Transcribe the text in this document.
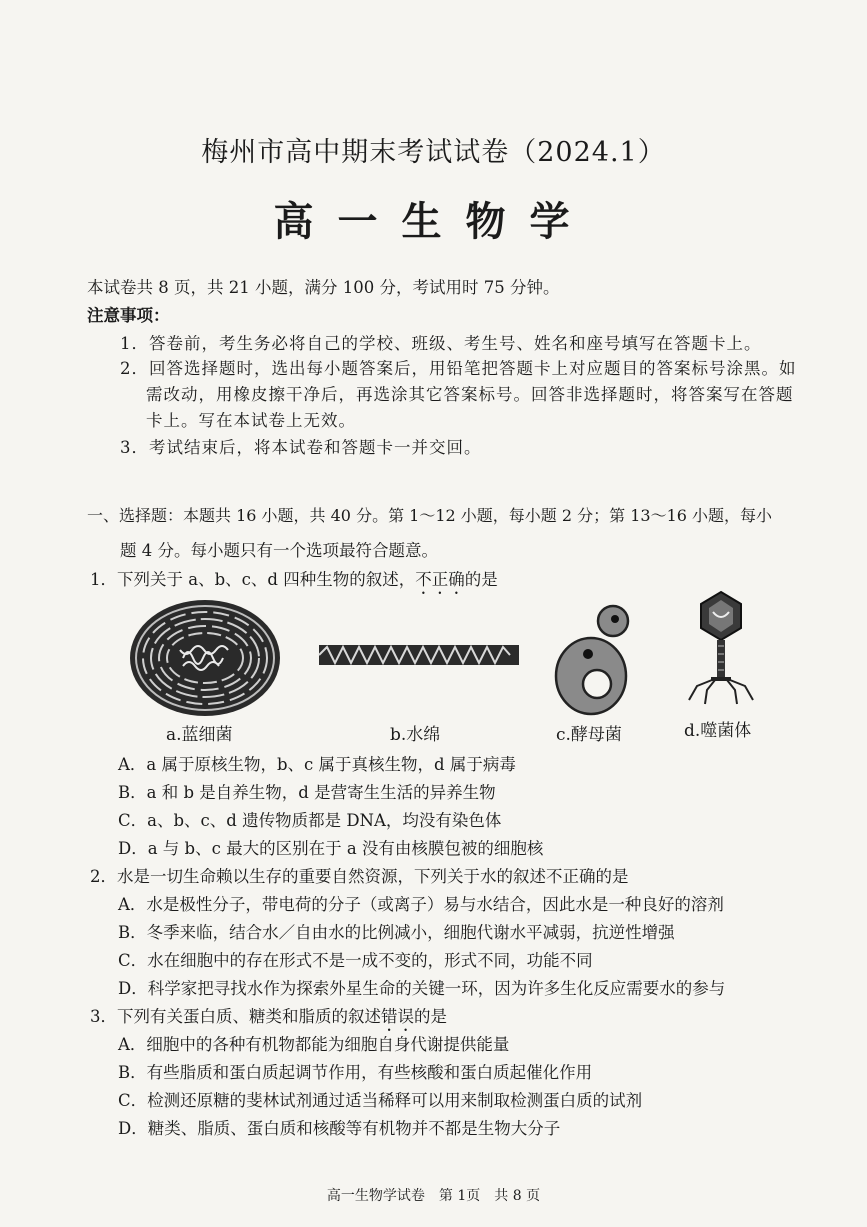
梅州市高中期末考试试卷（2024.1）
高一生物学
本试卷共 8 页，共 21 小题，满分 100 分，考试用时 75 分钟。
注意事项：
1．答卷前，考生务必将自己的学校、班级、考生号、姓名和座号填写在答题卡上。
2．回答选择题时，选出每小题答案后，用铅笔把答题卡上对应题目的答案标号涂黑。如
需改动，用橡皮擦干净后，再选涂其它答案标号。回答非选择题时，将答案写在答题
卡上。写在本试卷上无效。
3．考试结束后，将本试卷和答题卡一并交回。
一、选择题：本题共 16 小题，共 40 分。第 1～12 小题，每小题 2 分；第 13～16 小题，每小
题 4 分。每小题只有一个选项最符合题意。
1．下列关于 a、b、c、d 四种生物的叙述，不正确的是
a.蓝细菌	b.水绵	c.酵母菌	d.噬菌体
A．a 属于原核生物，b、c 属于真核生物，d 属于病毒
B．a 和 b 是自养生物，d 是营寄生生活的异养生物
C．a、b、c、d 遗传物质都是 DNA，均没有染色体
D．a 与 b、c 最大的区别在于 a 没有由核膜包被的细胞核
2．水是一切生命赖以生存的重要自然资源，下列关于水的叙述不正确的是
A．水是极性分子，带电荷的分子（或离子）易与水结合，因此水是一种良好的溶剂
B．冬季来临，结合水／自由水的比例减小，细胞代谢水平减弱，抗逆性增强
C．水在细胞中的存在形式不是一成不变的，形式不同，功能不同
D．科学家把寻找水作为探索外星生命的关键一环，因为许多生化反应需要水的参与
3．下列有关蛋白质、糖类和脂质的叙述错误的是
A．细胞中的各种有机物都能为细胞自身代谢提供能量
B．有些脂质和蛋白质起调节作用，有些核酸和蛋白质起催化作用
C．检测还原糖的斐林试剂通过适当稀释可以用来制取检测蛋白质的试剂
D．糖类、脂质、蛋白质和核酸等有机物并不都是生物大分子
高一生物学试卷　第 1页　共 8 页
